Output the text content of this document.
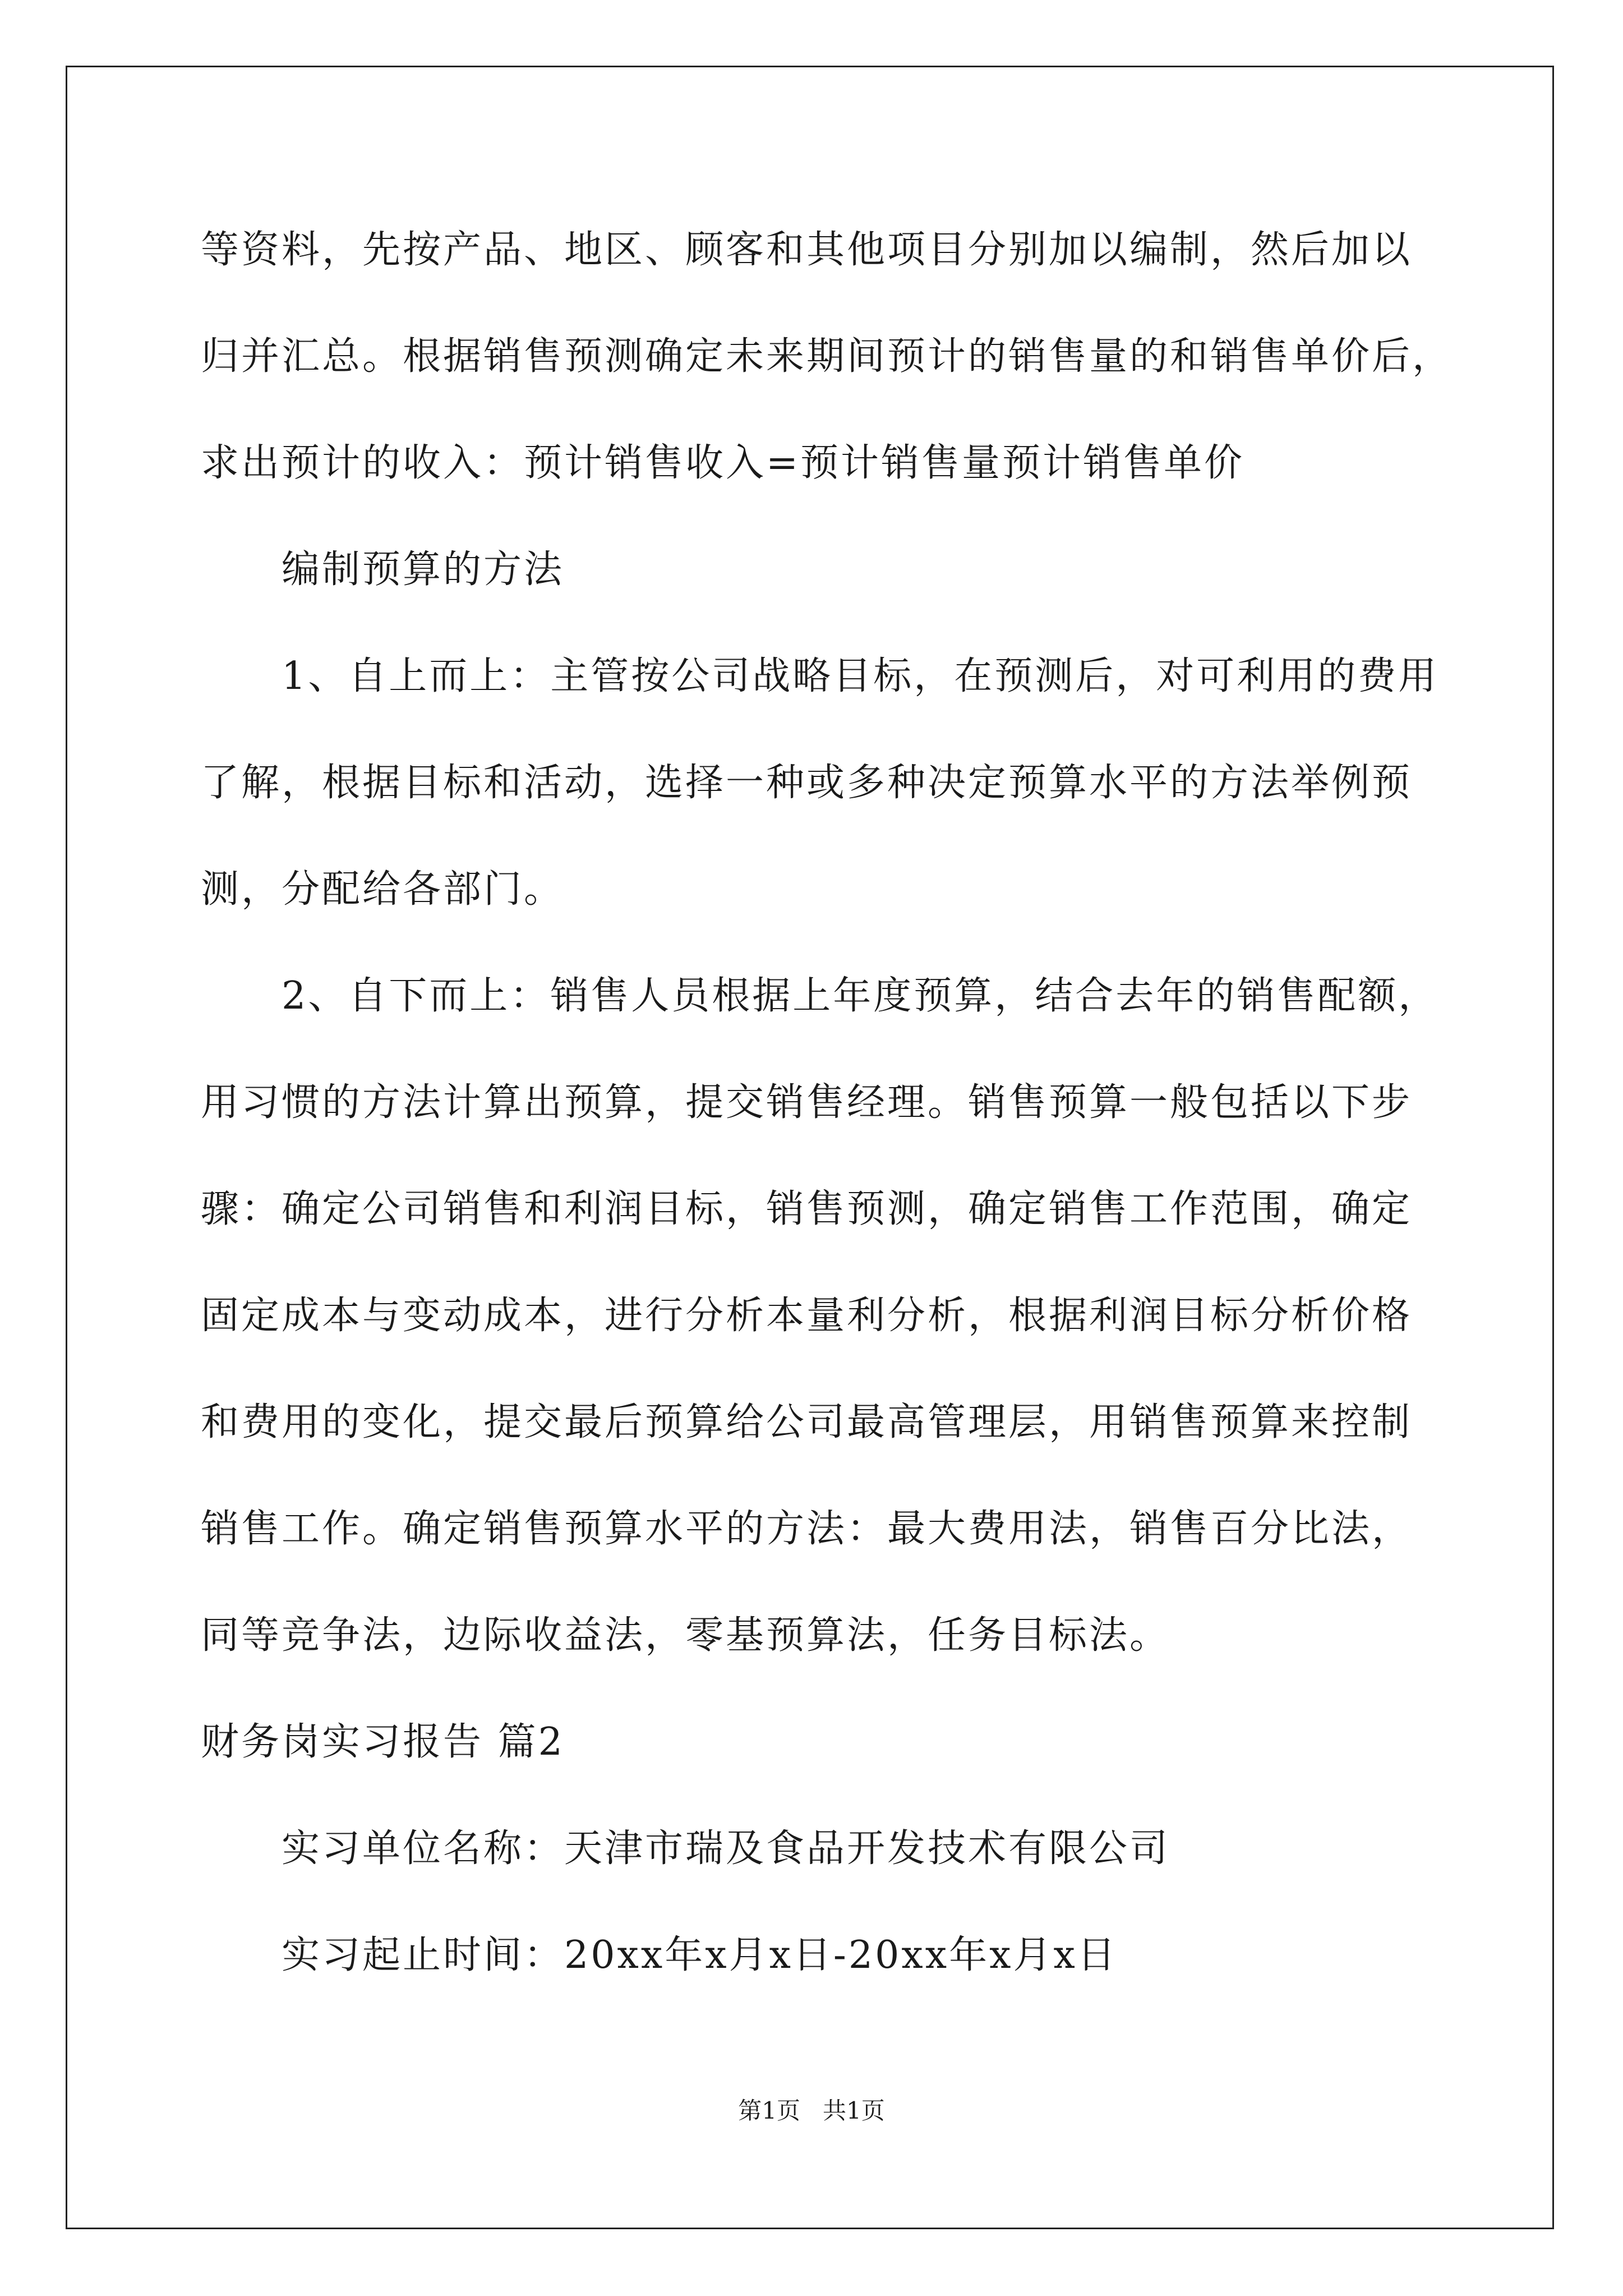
等资料，先按产品、地区、顾客和其他项目分别加以编制，然后加以
归并汇总。根据销售预测确定未来期间预计的销售量的和销售单价后，
求出预计的收入：预计销售收入=预计销售量预计销售单价
编制预算的方法
1、自上而上：主管按公司战略目标，在预测后，对可利用的费用
了解，根据目标和活动，选择一种或多种决定预算水平的方法举例预
测，分配给各部门。
2、自下而上：销售人员根据上年度预算，结合去年的销售配额，
用习惯的方法计算出预算，提交销售经理。销售预算一般包括以下步
骤：确定公司销售和利润目标，销售预测，确定销售工作范围，确定
固定成本与变动成本，进行分析本量利分析，根据利润目标分析价格
和费用的变化，提交最后预算给公司最高管理层，用销售预算来控制
销售工作。确定销售预算水平的方法：最大费用法，销售百分比法，
同等竞争法，边际收益法，零基预算法，任务目标法。
财务岗实习报告 篇2
实习单位名称：天津市瑞及食品开发技术有限公司
实习起止时间：20xx年x月x日-20xx年x月x日
第1页   共1页
